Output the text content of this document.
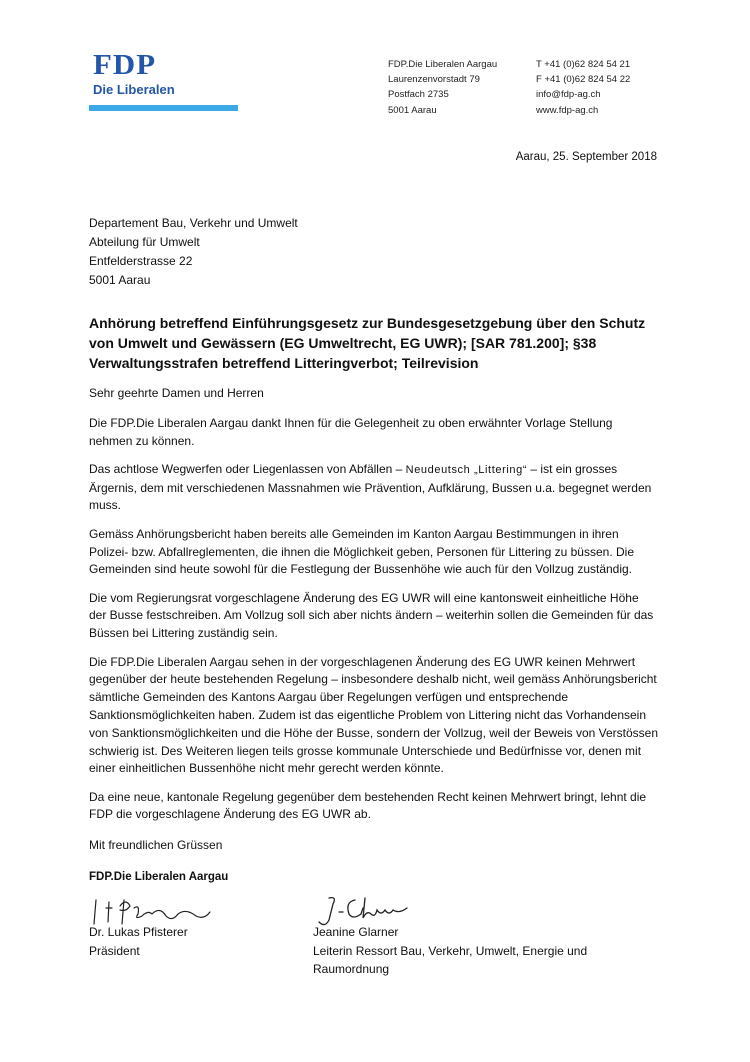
FDP
Die Liberalen
FDP.Die Liberalen Aargau
Laurenzenvorstadt 79
Postfach 2735
5001 Aarau
T +41 (0)62 824 54 21
F +41 (0)62 824 54 22
info@fdp-ag.ch
www.fdp-ag.ch
Aarau, 25. September 2018
Departement Bau, Verkehr und Umwelt
Abteilung für Umwelt
Entfelderstrasse 22
5001 Aarau
Anhörung betreffend Einführungsgesetz zur Bundesgesetzgebung über den Schutz von Umwelt und Gewässern (EG Umweltrecht, EG UWR); [SAR 781.200]; §38 Verwaltungsstrafen betreffend Litteringverbot; Teilrevision

Sehr geehrte Damen und Herren

Die FDP.Die Liberalen Aargau dankt Ihnen für die Gelegenheit zu oben erwähnter Vorlage Stellung nehmen zu können.

Das achtlose Wegwerfen oder Liegenlassen von Abfällen – Neudeutsch „Littering“ – ist ein grosses Ärgernis, dem mit verschiedenen Massnahmen wie Prävention, Aufklärung, Bussen u.a. begegnet werden muss.

Gemäss Anhörungsbericht haben bereits alle Gemeinden im Kanton Aargau Bestimmungen in ihren Polizei- bzw. Abfallreglementen, die ihnen die Möglichkeit geben, Personen für Littering zu büssen. Die Gemeinden sind heute sowohl für die Festlegung der Bussenhöhe wie auch für den Vollzug zuständig.

Die vom Regierungsrat vorgeschlagene Änderung des EG UWR will eine kantonsweit einheitliche Höhe der Busse festschreiben. Am Vollzug soll sich aber nichts ändern – weiterhin sollen die Gemeinden für das Büssen bei Littering zuständig sein.

Die FDP.Die Liberalen Aargau sehen in der vorgeschlagenen Änderung des EG UWR keinen Mehrwert gegenüber der heute bestehenden Regelung – insbesondere deshalb nicht, weil gemäss Anhörungsbericht sämtliche Gemeinden des Kantons Aargau über Regelungen verfügen und entsprechende Sanktionsmöglichkeiten haben. Zudem ist das eigentliche Problem von Littering nicht das Vorhandensein von Sanktionsmöglichkeiten und die Höhe der Busse, sondern der Vollzug, weil der Beweis von Verstössen schwierig ist. Des Weiteren liegen teils grosse kommunale Unterschiede und Bedürfnisse vor, denen mit einer einheitlichen Bussenhöhe nicht mehr gerecht werden könnte.

Da eine neue, kantonale Regelung gegenüber dem bestehenden Recht keinen Mehrwert bringt, lehnt die FDP die vorgeschlagene Änderung des EG UWR ab.

Mit freundlichen Grüssen
FDP.Die Liberalen Aargau
Dr. Lukas Pfisterer
Präsident
Jeanine Glarner
Leiterin Ressort Bau, Verkehr, Umwelt, Energie und
Raumordnung
